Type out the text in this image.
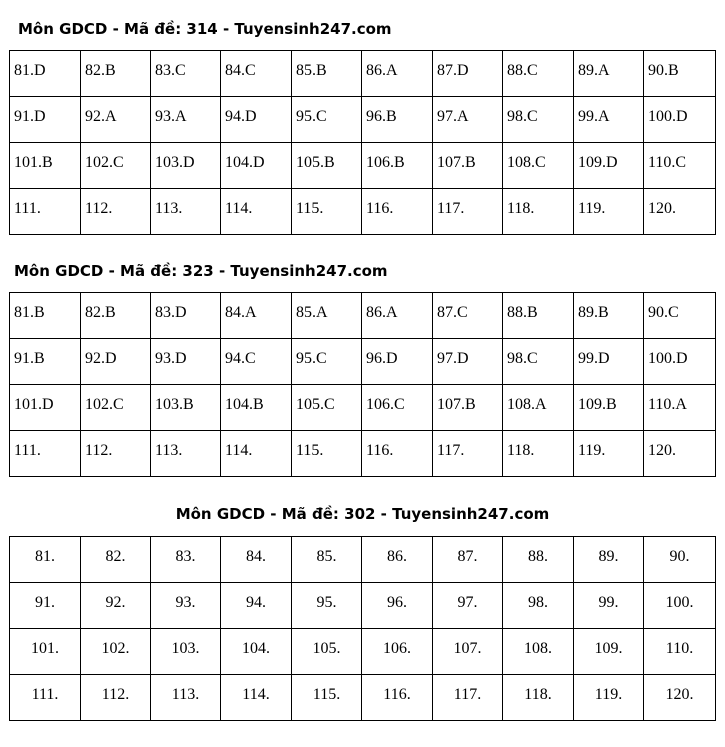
Môn GDCD - Mã đề: 314 - Tuyensinh247.com
81.D	82.B	83.C	84.C	85.B	86.A	87.D	88.C	89.A	90.B

91.D	92.A	93.A	94.D	95.C	96.B	97.A	98.C	99.A	100.D

101.B	102.C	103.D	104.D	105.B	106.B	107.B	108.C	109.D	110.C

111.	112.	113.	114.	115.	116.	117.	118.	119.	120.
Môn GDCD - Mã đề: 323 - Tuyensinh247.com
81.B	82.B	83.D	84.A	85.A	86.A	87.C	88.B	89.B	90.C

91.B	92.D	93.D	94.C	95.C	96.D	97.D	98.C	99.D	100.D

101.D	102.C	103.B	104.B	105.C	106.C	107.B	108.A	109.B	110.A

111.	112.	113.	114.	115.	116.	117.	118.	119.	120.
Môn GDCD - Mã đề: 302 - Tuyensinh247.com
81.	82.	83.	84.	85.	86.	87.	88.	89.	90.

91.	92.	93.	94.	95.	96.	97.	98.	99.	100.

101.	102.	103.	104.	105.	106.	107.	108.	109.	110.

111.	112.	113.	114.	115.	116.	117.	118.	119.	120.
